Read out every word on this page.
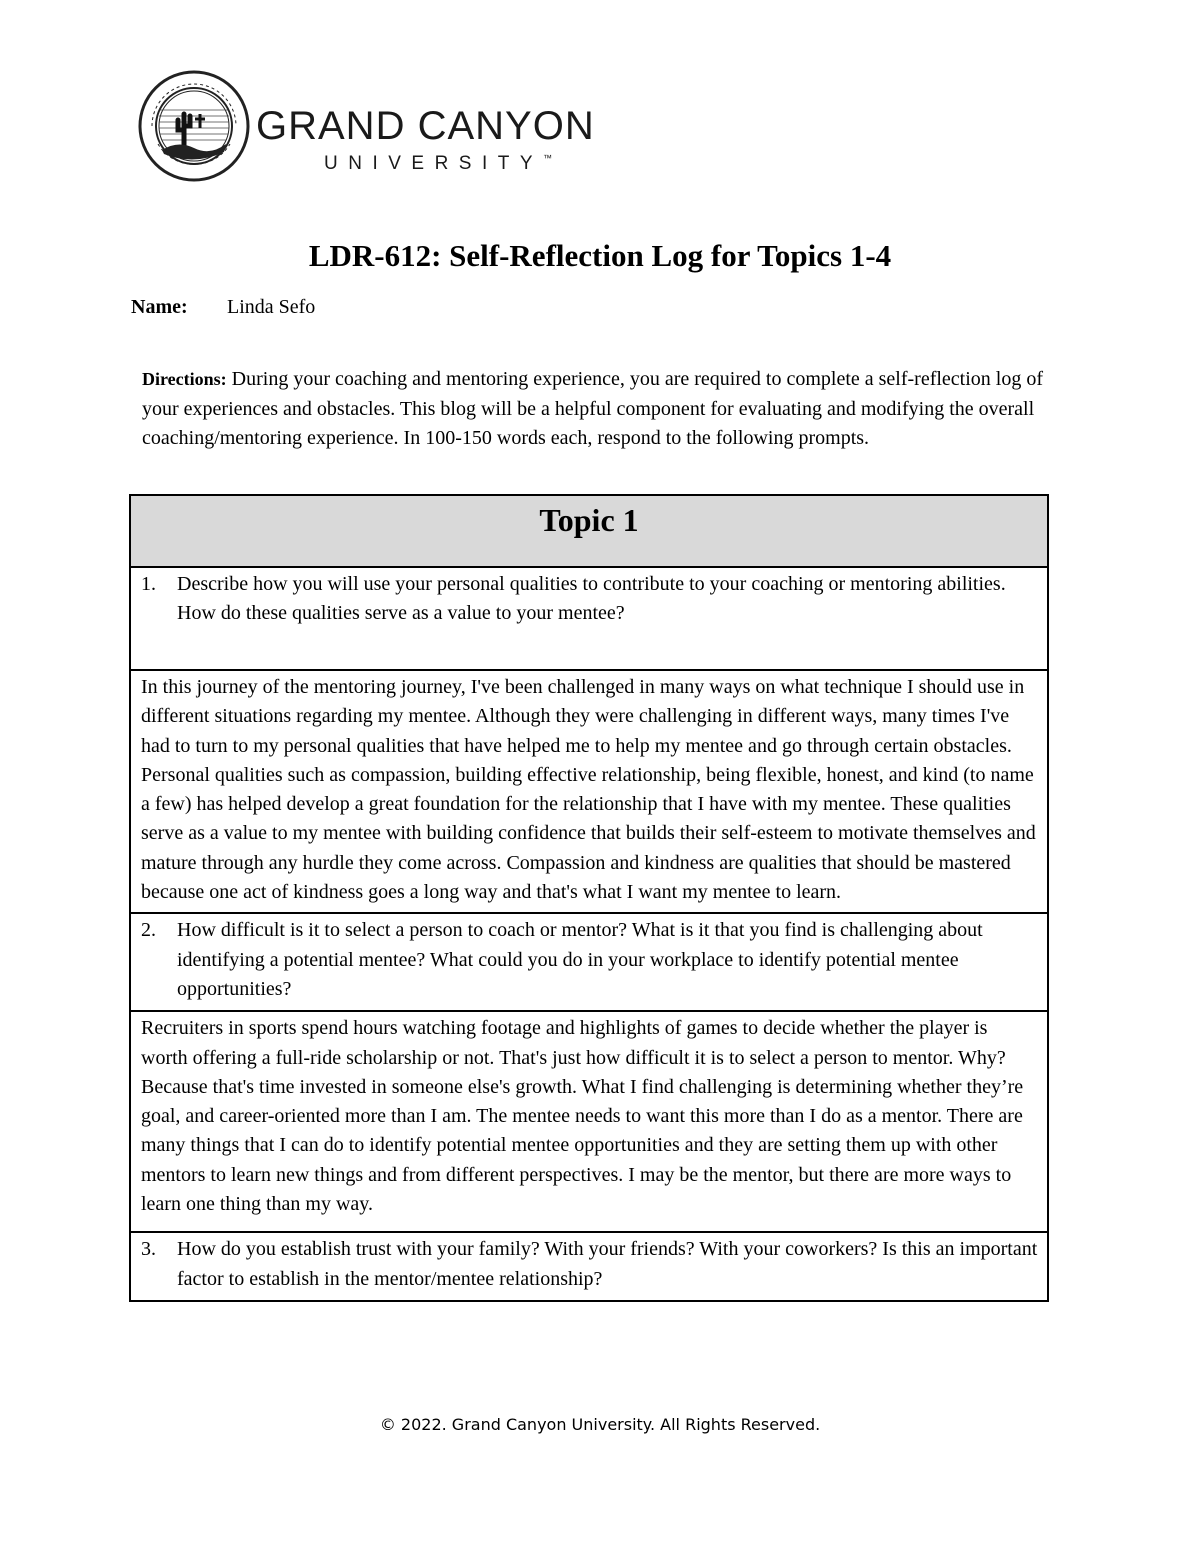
GRAND CANYON
UNIVERSITY™
LDR-612: Self-Reflection Log for Topics 1-4
Name: Linda Sefo
Directions: During your coaching and mentoring experience, you are required to complete a self-reflection log of your experiences and obstacles. This blog will be a helpful component for evaluating and modifying the overall coaching/mentoring experience. In 100-150 words each, respond to the following prompts.
Topic 1

1.	Describe how you will use your personal qualities to contribute to your coaching or mentoring abilities. How do these qualities serve as a value to your mentee?

In this journey of the mentoring journey, I've been challenged in many ways on what technique I should use in different situations regarding my mentee. Although they were challenging in different ways, many times I've had to turn to my personal qualities that have helped me to help my mentee and go through certain obstacles. Personal qualities such as compassion, building effective relationship, being flexible, honest, and kind (to name a few) has helped develop a great foundation for the relationship that I have with my mentee. These qualities serve as a value to my mentee with building confidence that builds their self-esteem to motivate themselves and mature through any hurdle they come across. Compassion and kindness are qualities that should be mastered because one act of kindness goes a long way and that's what I want my mentee to learn.

2.	How difficult is it to select a person to coach or mentor? What is it that you find is challenging about identifying a potential mentee? What could you do in your workplace to identify potential mentee opportunities?

Recruiters in sports spend hours watching footage and highlights of games to decide whether the player is worth offering a full-ride scholarship or not. That's just how difficult it is to select a person to mentor. Why? Because that's time invested in someone else's growth. What I find challenging is determining whether they’re goal, and career-oriented more than I am. The mentee needs to want this more than I do as a mentor. There are many things that I can do to identify potential mentee opportunities and they are setting them up with other mentors to learn new things and from different perspectives. I may be the mentor, but there are more ways to learn one thing than my way.

3.	How do you establish trust with your family? With your friends? With your coworkers? Is this an important factor to establish in the mentor/mentee relationship?
© 2022. Grand Canyon University. All Rights Reserved.
